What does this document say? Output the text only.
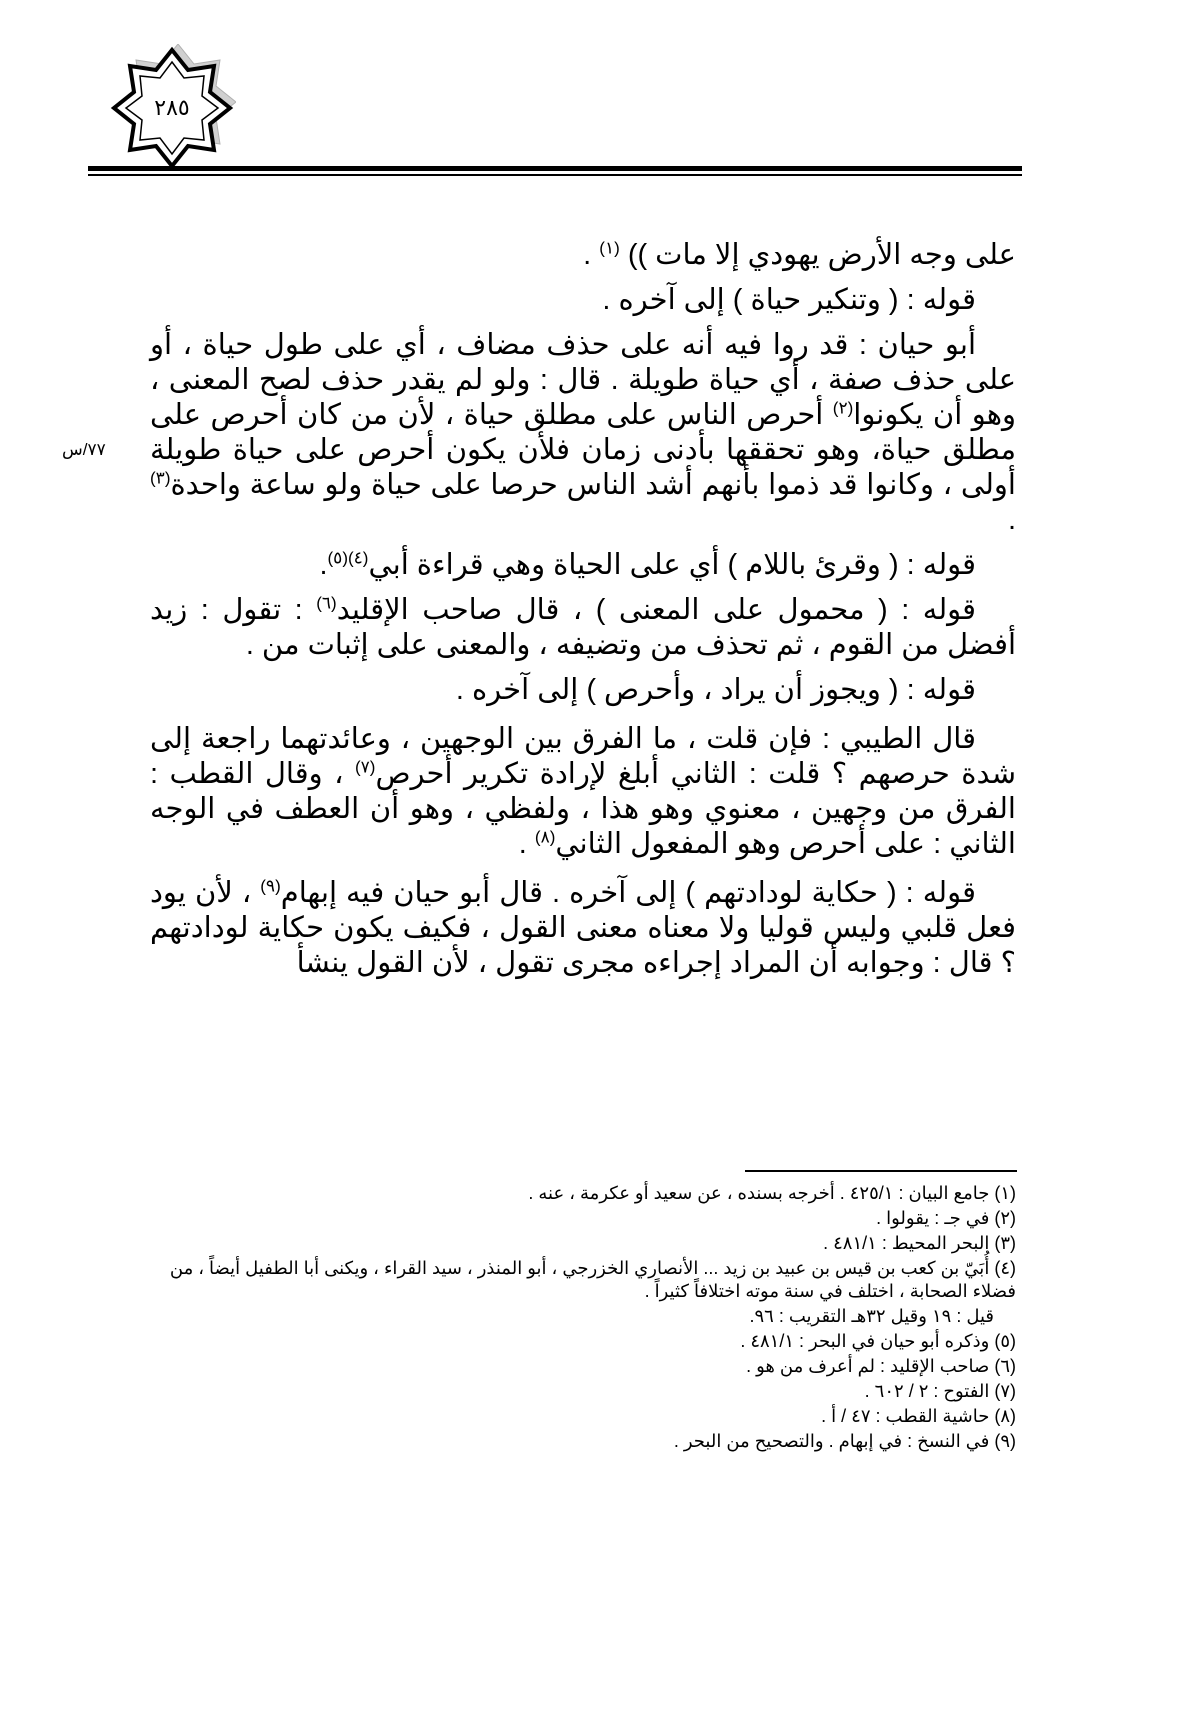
٢٨٥
٧٧/س

على وجه الأرض يهودي إلا مات )) $^{(١)}$ .

قوله : ( وتنكير حياة ) إلى آخره .

أبو حيان : قد روا فيه أنه على حذف مضاف ، أي على طول حياة ، أو على حذف صفة ، أي حياة طويلة . قال : ولو لم يقدر حذف لصح المعنى ، وهو أن يكونوا$^{(٢)}$ أحرص الناس على مطلق حياة ، لأن من كان أحرص على مطلق حياة، وهو تحققها بأدنى زمان فلأن يكون أحرص على حياة طويلة أولى ، وكانوا قد ذموا بأنهم أشد الناس حرصا على حياة ولو ساعة واحدة$^{(٣)}$ .

قوله : ( وقرئ باللام ) أي على الحياة وهي قراءة أبي$^{(٤)(٥)}$.

قوله : ( محمول على المعنى ) ، قال صاحب الإقليد$^{(٦)}$ : تقول : زيد أفضل من القوم ، ثم تحذف من وتضيفه ، والمعنى على إثبات من .

قوله : ( ويجوز أن يراد ، وأحرص ) إلى آخره .

قال الطيبي : فإن قلت ، ما الفرق بين الوجهين ، وعائدتهما راجعة إلى شدة حرصهم ؟ قلت : الثاني أبلغ لإرادة تكرير أحرص$^{(٧)}$ ، وقال القطب : الفرق من وجهين ، معنوي وهو هذا ، ولفظي ، وهو أن العطف في الوجه الثاني : على أحرص وهو المفعول الثاني$^{(٨)}$ .

قوله : ( حكاية لودادتهم ) إلى آخره . قال أبو حيان فيه إبهام$^{(٩)}$ ، لأن يود فعل قلبي وليس قوليا ولا معناه معنى القول ، فكيف يكون حكاية لودادتهم ؟ قال : وجوابه أن المراد إجراءه مجرى تقول ، لأن القول ينشأ

(١) جامع البيان : ٤٢٥/١ . أخرجه بسنده ، عن سعيد أو عكرمة ، عنه .
(٢) في جـ : يقولوا .
(٣) البحر المحيط : ٤٨١/١ .
(٤) أُبَيّ بن كعب بن قيس بن عبيد بن زيد ... الأنصاري الخزرجي ، أبو المنذر ، سيد القراء ، ويكنى أبا الطفيل أيضاً ، من فضلاء الصحابة ، اختلف في سنة موته اختلافاً كثيراً .
قيل : ١٩ وقيل ٣٢هـ التقريب : ٩٦.
(٥) وذكره أبو حيان في البحر : ٤٨١/١ .
(٦) صاحب الإقليد : لم أعرف من هو .
(٧) الفتوح : ٢ / ٦٠٢ .
(٨) حاشية القطب : ٤٧ / أ .
(٩) في النسخ : في إبهام . والتصحيح من البحر .
